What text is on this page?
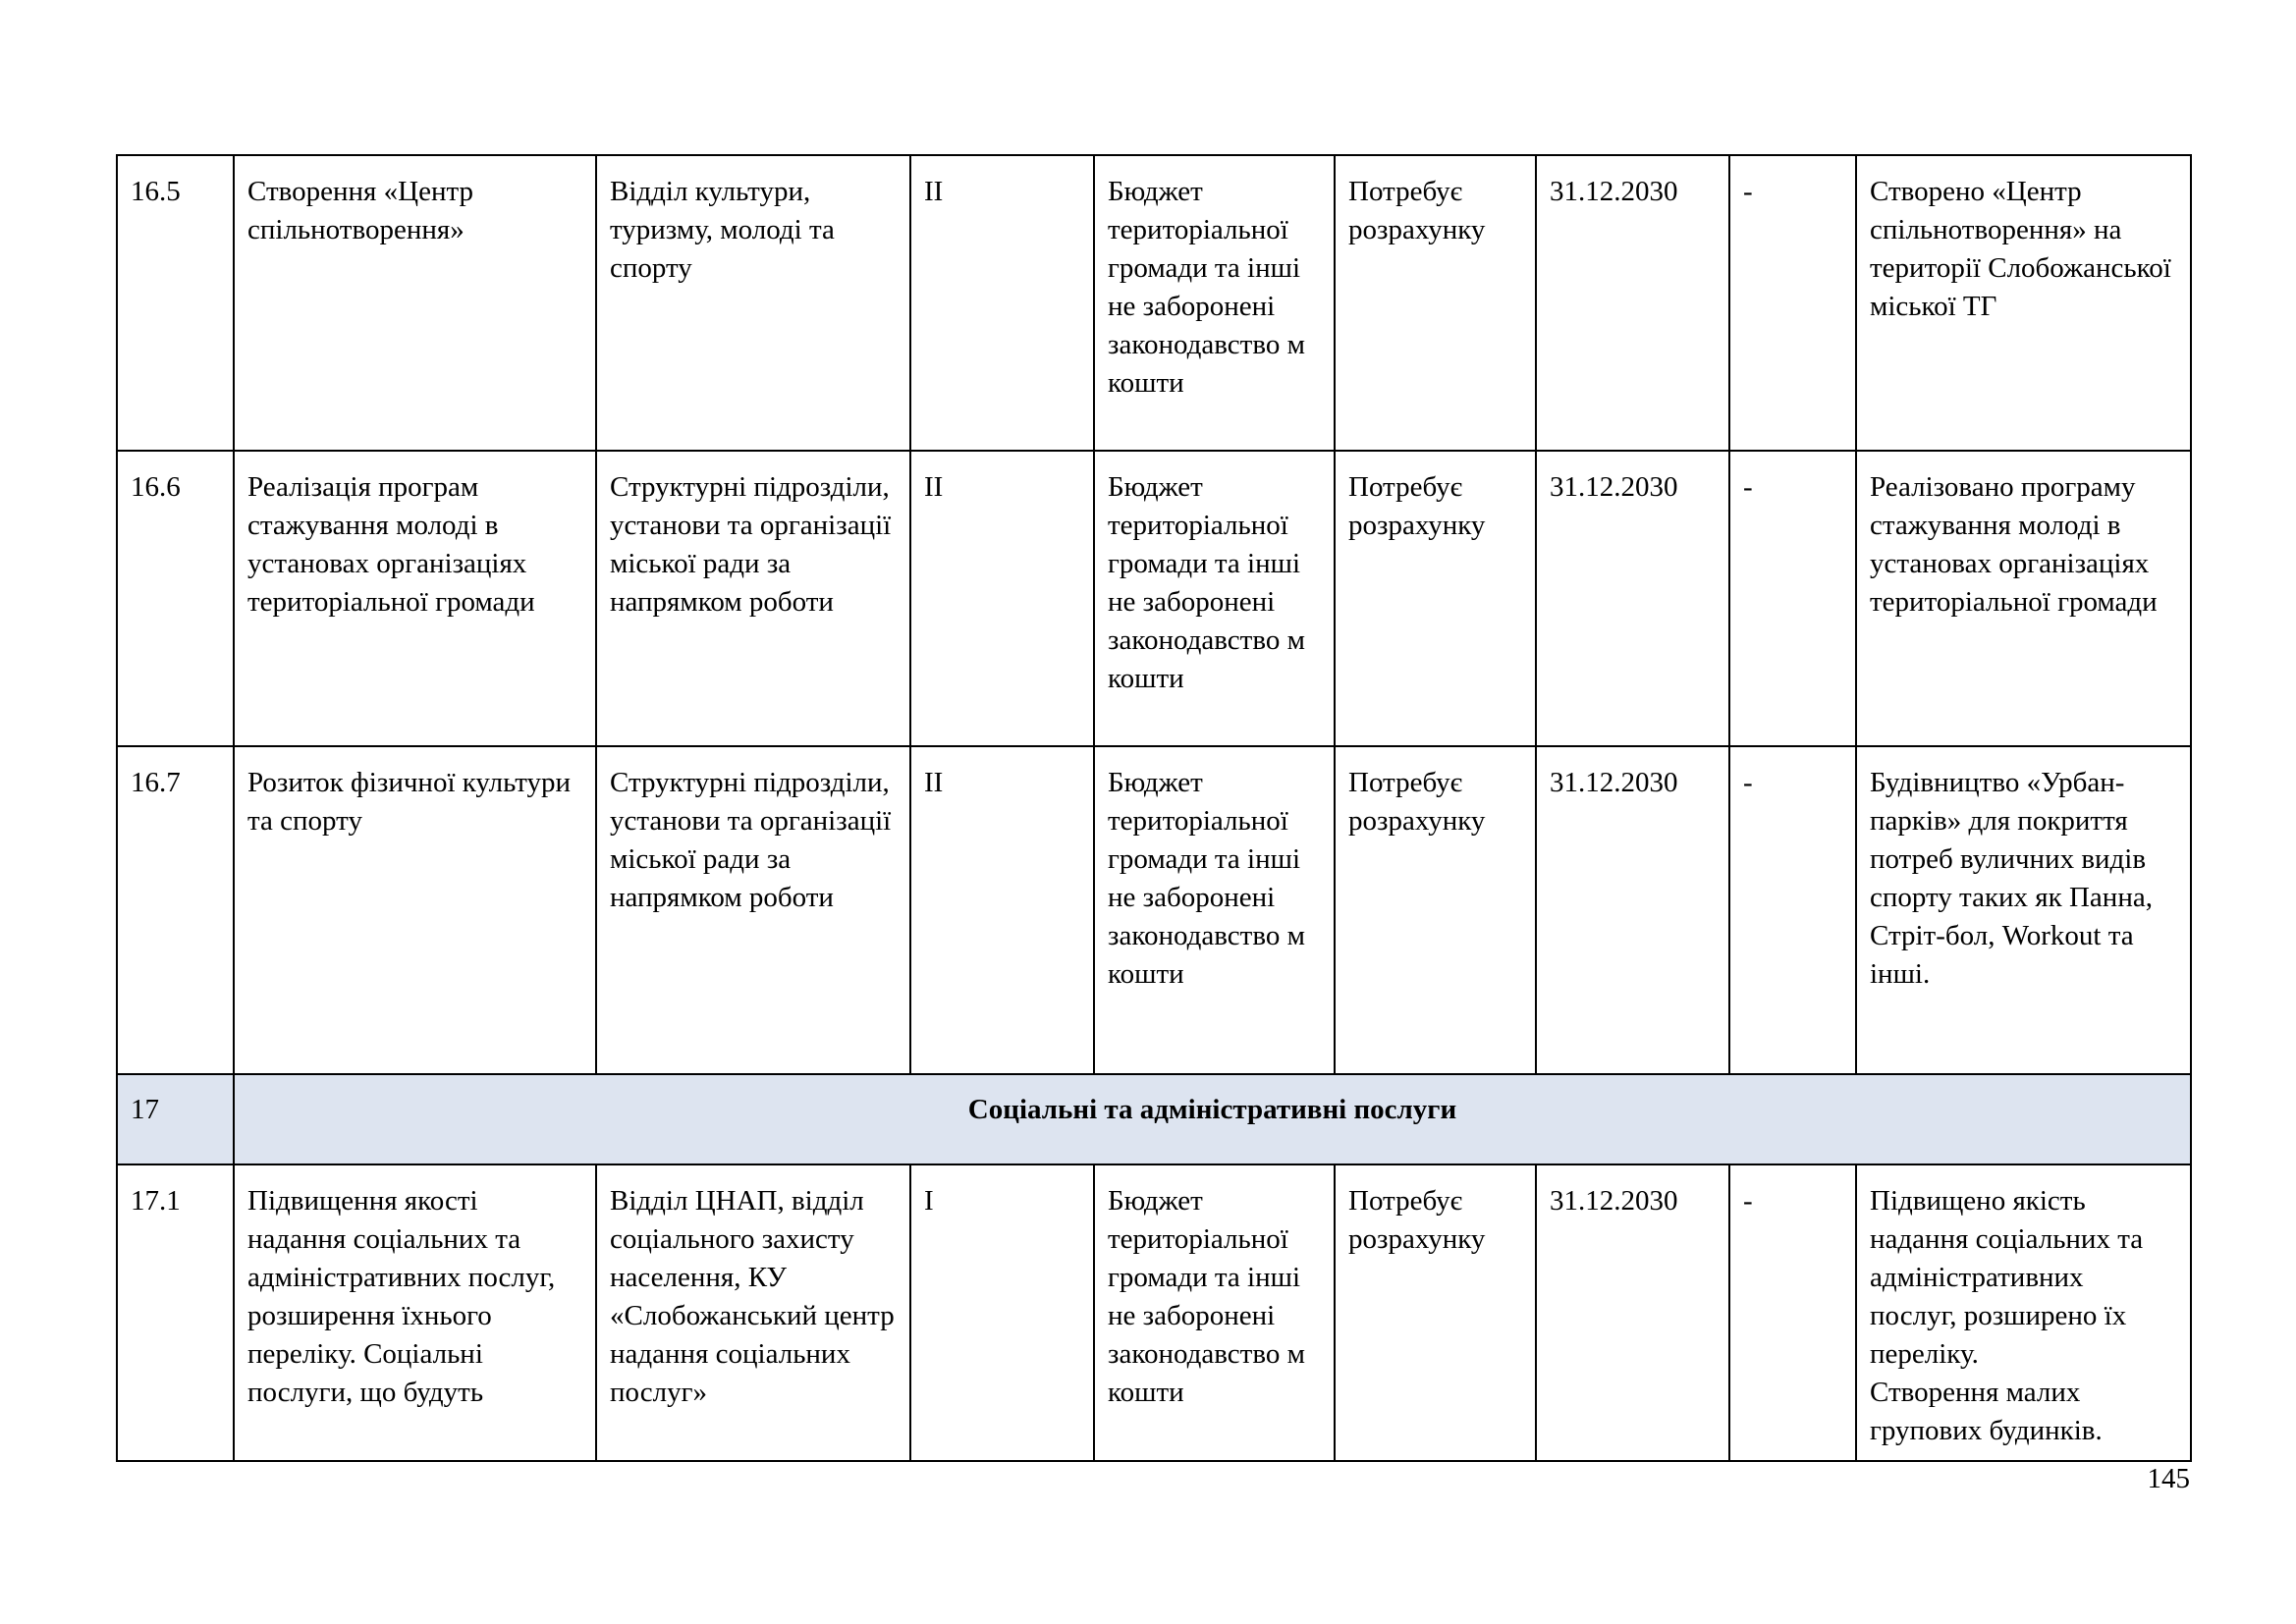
16.5	Створення «Центр спільнотворення»	Відділ культури, туризму, молоді та спорту	ІІ	Бюджет територіальної громади та інші не заборонені законодавство м кошти	Потребує розрахунку	31.12.2030	-	Створено «Центр спільнотворення» на території Слобожанської міської ТГ
16.6	Реалізація програм стажування молоді в установах організаціях територіальної громади	Структурні підрозділи, установи та організації міської ради за напрямком роботи	ІІ	Бюджет територіальної громади та інші не заборонені законодавство м кошти	Потребує розрахунку	31.12.2030	-	Реалізовано програму стажування молоді в установах організаціях територіальної громади
16.7	Розиток фізичної культури та спорту	Структурні підрозділи, установи та організації міської ради за напрямком роботи	ІІ	Бюджет територіальної громади та інші не заборонені законодавство м кошти	Потребує розрахунку	31.12.2030	-	Будівництво «Урбан-парків» для покриття потреб вуличних видів спорту таких як Панна, Стріт-бол, Workout та інші.
17	Соціальні та адміністративні послуги							
17.1	Підвищення якості надання соціальних та адміністративних послуг, розширення їхнього переліку. Соціальні послуги, що будуть	Відділ ЦНАП, відділ соціального захисту населення, КУ «Слобожанський центр надання соціальних послуг»	І	Бюджет територіальної громади та інші не заборонені законодавство м кошти	Потребує розрахунку	31.12.2030	-	Підвищено якість надання соціальних та адміністративних послуг, розширено їх переліку.
Створення малих групових будинків.
145
